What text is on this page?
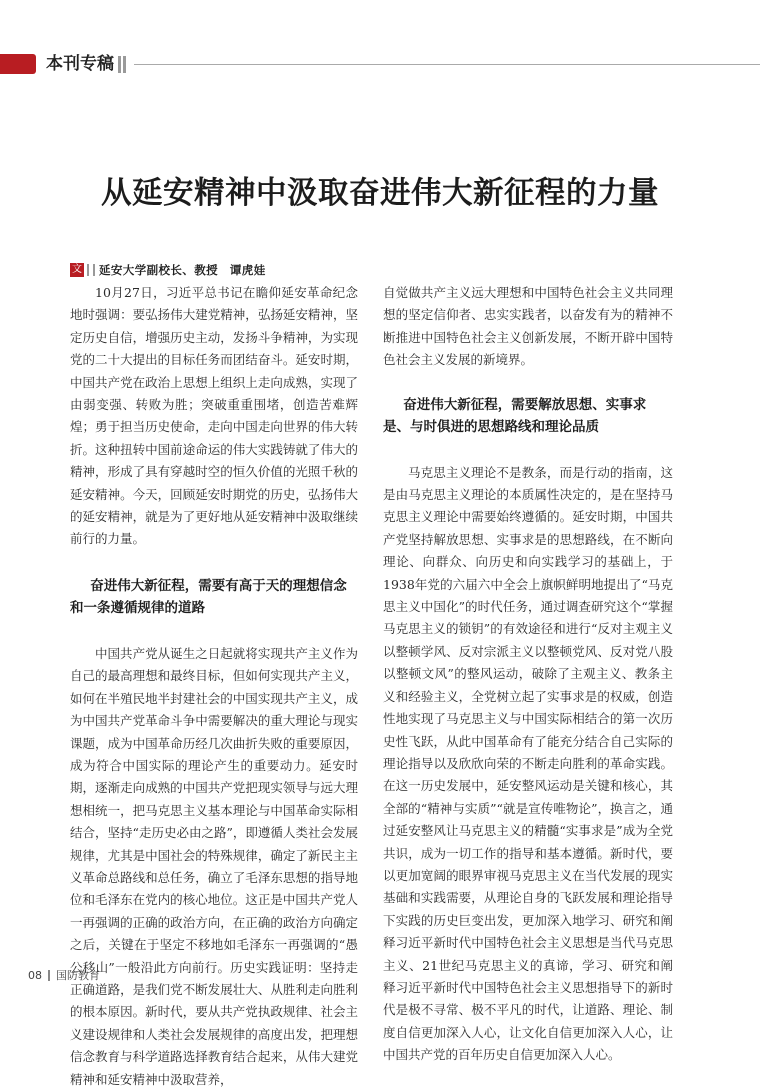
本刊专稿
从延安精神中汲取奋进伟大新征程的力量
文 延安大学副校长、教授　谭虎娃

10月27日，习近平总书记在瞻仰延安革命纪念地时强调：要弘扬伟大建党精神，弘扬延安精神，坚定历史自信，增强历史主动，发扬斗争精神，为实现党的二十大提出的目标任务而团结奋斗。延安时期，中国共产党在政治上思想上组织上走向成熟，实现了由弱变强、转败为胜；突破重重围堵，创造苦难辉煌；勇于担当历史使命，走向中国走向世界的伟大转折。这种扭转中国前途命运的伟大实践铸就了伟大的精神，形成了具有穿越时空的恒久价值的光照千秋的延安精神。今天，回顾延安时期党的历史，弘扬伟大的延安精神，就是为了更好地从延安精神中汲取继续前行的力量。

奋进伟大新征程，需要有高于天的理想信念和一条遵循规律的道路

中国共产党从诞生之日起就将实现共产主义作为自己的最高理想和最终目标，但如何实现共产主义，如何在半殖民地半封建社会的中国实现共产主义，成为中国共产党革命斗争中需要解决的重大理论与现实课题，成为中国革命历经几次曲折失败的重要原因，成为符合中国实际的理论产生的重要动力。延安时期，逐渐走向成熟的中国共产党把现实领导与远大理想相统一，把马克思主义基本理论与中国革命实际相结合，坚持“走历史必由之路”，即遵循人类社会发展规律，尤其是中国社会的特殊规律，确定了新民主主义革命总路线和总任务，确立了毛泽东思想的指导地位和毛泽东在党内的核心地位。这正是中国共产党人一再强调的正确的政治方向，在正确的政治方向确定之后，关键在于坚定不移地如毛泽东一再强调的“愚公移山”一般沿此方向前行。历史实践证明：坚持走正确道路，是我们党不断发展壮大、从胜利走向胜利的根本原因。新时代，要从共产党执政规律、社会主义建设规律和人类社会发展规律的高度出发，把理想信念教育与科学道路选择教育结合起来，从伟大建党精神和延安精神中汲取营养，

自觉做共产主义远大理想和中国特色社会主义共同理想的坚定信仰者、忠实实践者，以奋发有为的精神不断推进中国特色社会主义创新发展，不断开辟中国特色社会主义发展的新境界。

奋进伟大新征程，需要解放思想、实事求是、与时俱进的思想路线和理论品质

马克思主义理论不是教条，而是行动的指南，这是由马克思主义理论的本质属性决定的，是在坚持马克思主义理论中需要始终遵循的。延安时期，中国共产党坚持解放思想、实事求是的思想路线，在不断向理论、向群众、向历史和向实践学习的基础上，于1938年党的六届六中全会上旗帜鲜明地提出了“马克思主义中国化”的时代任务，通过调查研究这个“掌握马克思主义的锁钥”的有效途径和进行“反对主观主义以整顿学风、反对宗派主义以整顿党风、反对党八股以整顿文风”的整风运动，破除了主观主义、教条主义和经验主义，全党树立起了实事求是的权威，创造性地实现了马克思主义与中国实际相结合的第一次历史性飞跃，从此中国革命有了能充分结合自己实际的理论指导以及欣欣向荣的不断走向胜利的革命实践。在这一历史发展中，延安整风运动是关键和核心，其全部的“精神与实质”“就是宣传唯物论”，换言之，通过延安整风让马克思主义的精髓“实事求是”成为全党共识，成为一切工作的指导和基本遵循。新时代，要以更加宽阔的眼界审视马克思主义在当代发展的现实基础和实践需要，从理论自身的飞跃发展和理论指导下实践的历史巨变出发，更加深入地学习、研究和阐释习近平新时代中国特色社会主义思想是当代马克思主义、21世纪马克思主义的真谛，学习、研究和阐释习近平新时代中国特色社会主义思想指导下的新时代是极不寻常、极不平凡的时代，让道路、理论、制度自信更加深入人心，让文化自信更加深入人心，让中国共产党的百年历史自信更加深入人心。

08 国防教育
